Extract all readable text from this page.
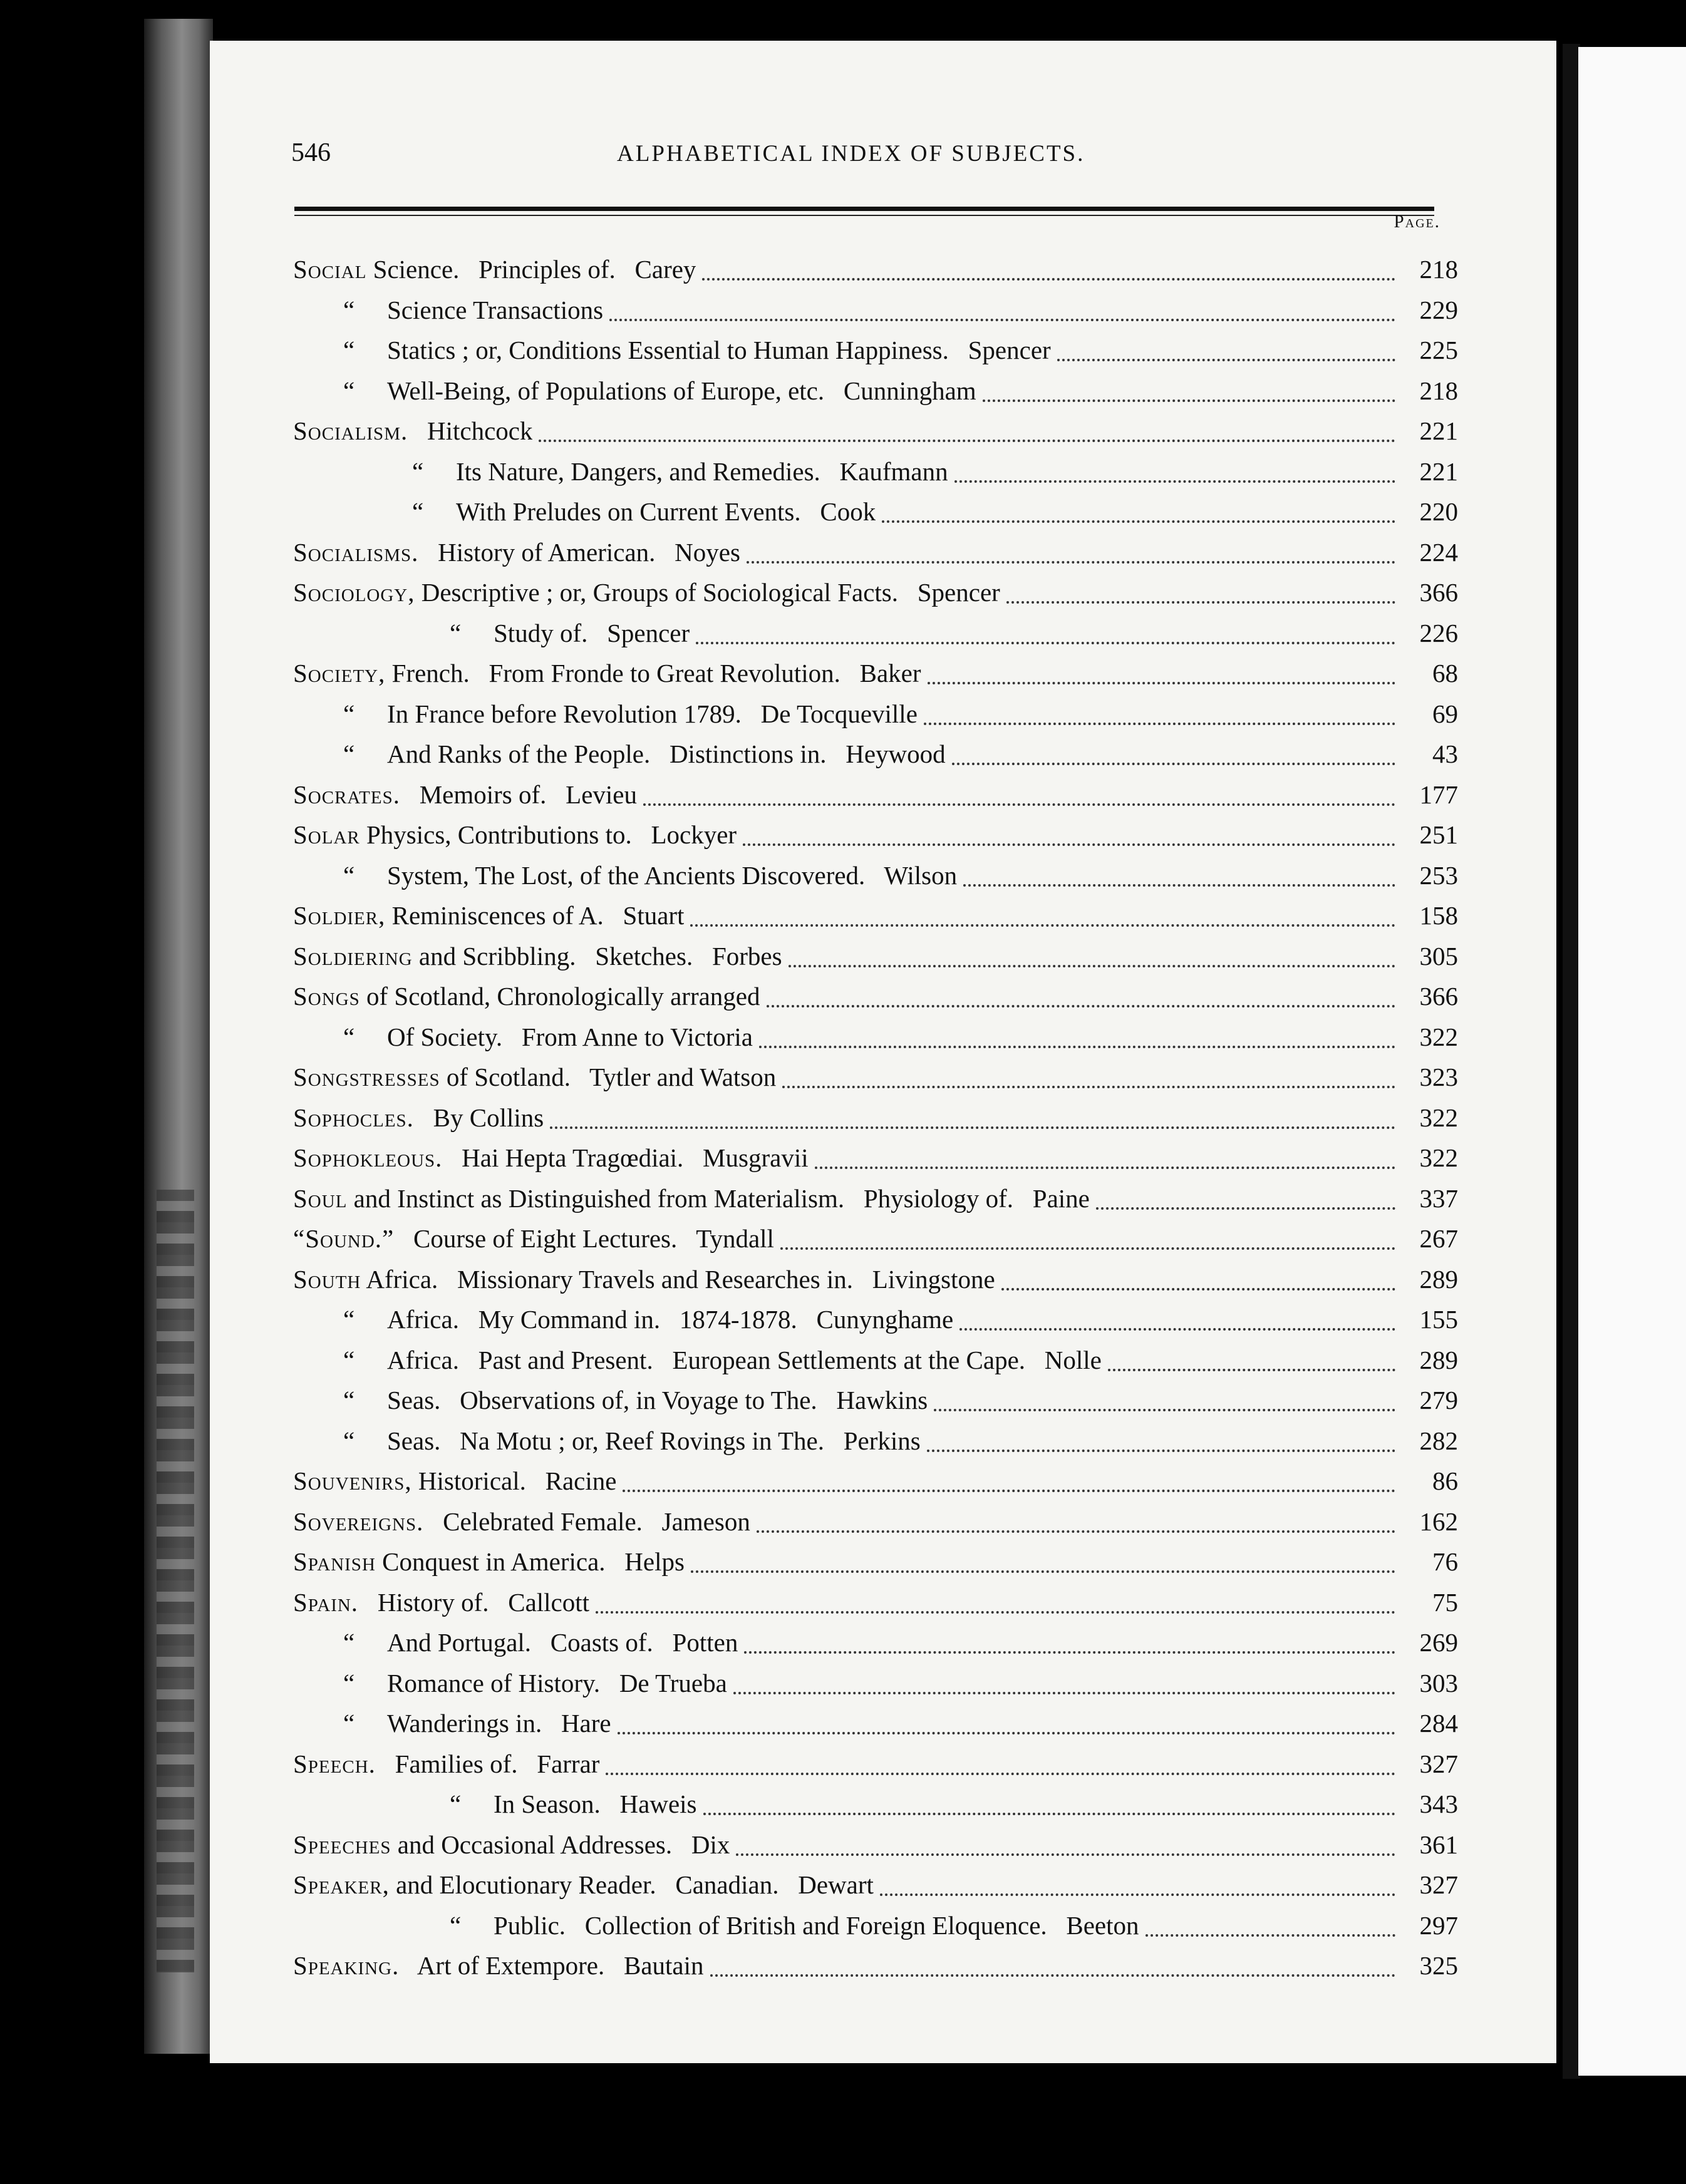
546	ALPHABETICAL INDEX OF SUBJECTS.
Page.
Social Science.   Principles of.   Carey	218
“ Science Transactions	229
“ Statics ; or, Conditions Essential to Human Happiness.   Spencer	225
“ Well-Being, of Populations of Europe, etc.   Cunningham	218
Socialism.   Hitchcock	221
“ Its Nature, Dangers, and Remedies.   Kaufmann	221
“ With Preludes on Current Events.   Cook	220
Socialisms.   History of American.   Noyes	224
Sociology, Descriptive ; or, Groups of Sociological Facts.   Spencer	366
“ Study of.   Spencer	226
Society, French.   From Fronde to Great Revolution.   Baker	68
“ In France before Revolution 1789.   De Tocqueville	69
“ And Ranks of the People.   Distinctions in.   Heywood	43
Socrates.   Memoirs of.   Levieu	177
Solar Physics, Contributions to.   Lockyer	251
“ System, The Lost, of the Ancients Discovered.   Wilson	253
Soldier, Reminiscences of A.   Stuart	158
Soldiering and Scribbling.   Sketches.   Forbes	305
Songs of Scotland, Chronologically arranged	366
“ Of Society.   From Anne to Victoria	322
Songstresses of Scotland.   Tytler and Watson	323
Sophocles.   By Collins	322
Sophokleous.   Hai Hepta Tragœdiai.   Musgravii	322
Soul and Instinct as Distinguished from Materialism.   Physiology of.   Paine	337
“Sound.”   Course of Eight Lectures.   Tyndall	267
South Africa.   Missionary Travels and Researches in.   Livingstone	289
“ Africa.   My Command in.   1874-1878.   Cunynghame	155
“ Africa.   Past and Present.   European Settlements at the Cape.   Nolle	289
“ Seas.   Observations of, in Voyage to The.   Hawkins	279
“ Seas.   Na Motu ; or, Reef Rovings in The.   Perkins	282
Souvenirs, Historical.   Racine	86
Sovereigns.   Celebrated Female.   Jameson	162
Spanish Conquest in America.   Helps	76
Spain.   History of.   Callcott	75
“ And Portugal.   Coasts of.   Potten	269
“ Romance of History.   De Trueba	303
“ Wanderings in.   Hare	284
Speech.   Families of.   Farrar	327
“ In Season.   Haweis	343
Speeches and Occasional Addresses.   Dix	361
Speaker, and Elocutionary Reader.   Canadian.   Dewart	327
“ Public.   Collection of British and Foreign Eloquence.   Beeton	297
Speaking.   Art of Extempore.   Bautain	325
